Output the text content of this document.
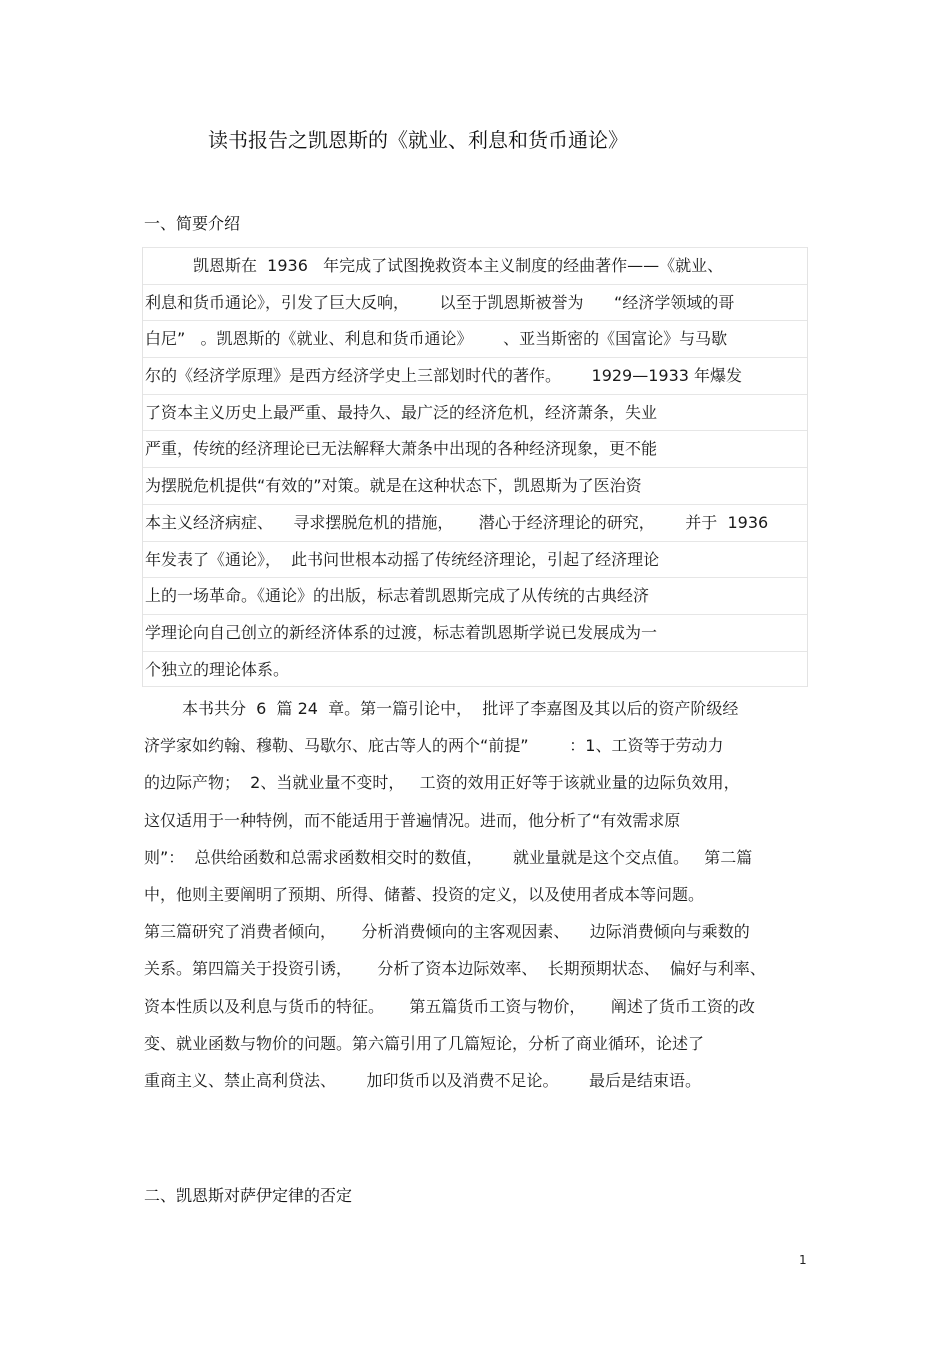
读书报告之凯恩斯的《就业、利息和货币通论》
一、简要介绍
凯恩斯在  1936   年完成了试图挽救资本主义制度的经曲著作——《就业、
利息和货币通论》，引发了巨大反响，      以至于凯恩斯被誉为      “经济学领域的哥
白尼”   。凯恩斯的《就业、利息和货币通论》      、亚当斯密的《国富论》与马歇
尔的《经济学原理》是西方经济学史上三部划时代的著作。      1929—1933 年爆发
了资本主义历史上最严重、最持久、最广泛的经济危机，经济萧条，失业
严重，传统的经济理论已无法解释大萧条中出现的各种经济现象，更不能
为摆脱危机提供“有效的”对策。就是在这种状态下，凯恩斯为了医治资
本主义经济病症、    寻求摆脱危机的措施，     潜心于经济理论的研究，      并于  1936
年发表了《通论》，  此书问世根本动摇了传统经济理论，引起了经济理论
上的一场革命。《通论》的出版，标志着凯恩斯完成了从传统的古典经济
学理论向自己创立的新经济体系的过渡，标志着凯恩斯学说已发展成为一
个独立的理论体系。
本书共分  6  篇 24  章。第一篇引论中，  批评了李嘉图及其以后的资产阶级经
济学家如约翰、穆勒、马歇尔、庇古等人的两个“前提”        ：1、工资等于劳动力
的边际产物；  2、当就业量不变时，   工资的效用正好等于该就业量的边际负效用，
这仅适用于一种特例，而不能适用于普遍情况。进而，他分析了“有效需求原
则”：  总供给函数和总需求函数相交时的数值，      就业量就是这个交点值。   第二篇
中，他则主要阐明了预期、所得、储蓄、投资的定义，以及使用者成本等问题。
第三篇研究了消费者倾向，     分析消费倾向的主客观因素、    边际消费倾向与乘数的
关系。第四篇关于投资引诱，     分析了资本边际效率、  长期预期状态、  偏好与利率、
资本性质以及利息与货币的特征。     第五篇货币工资与物价，     阐述了货币工资的改
变、就业函数与物价的问题。第六篇引用了几篇短论，分析了商业循环，论述了
重商主义、禁止高利贷法、      加印货币以及消费不足论。      最后是结束语。
二、凯恩斯对萨伊定律的否定
1
